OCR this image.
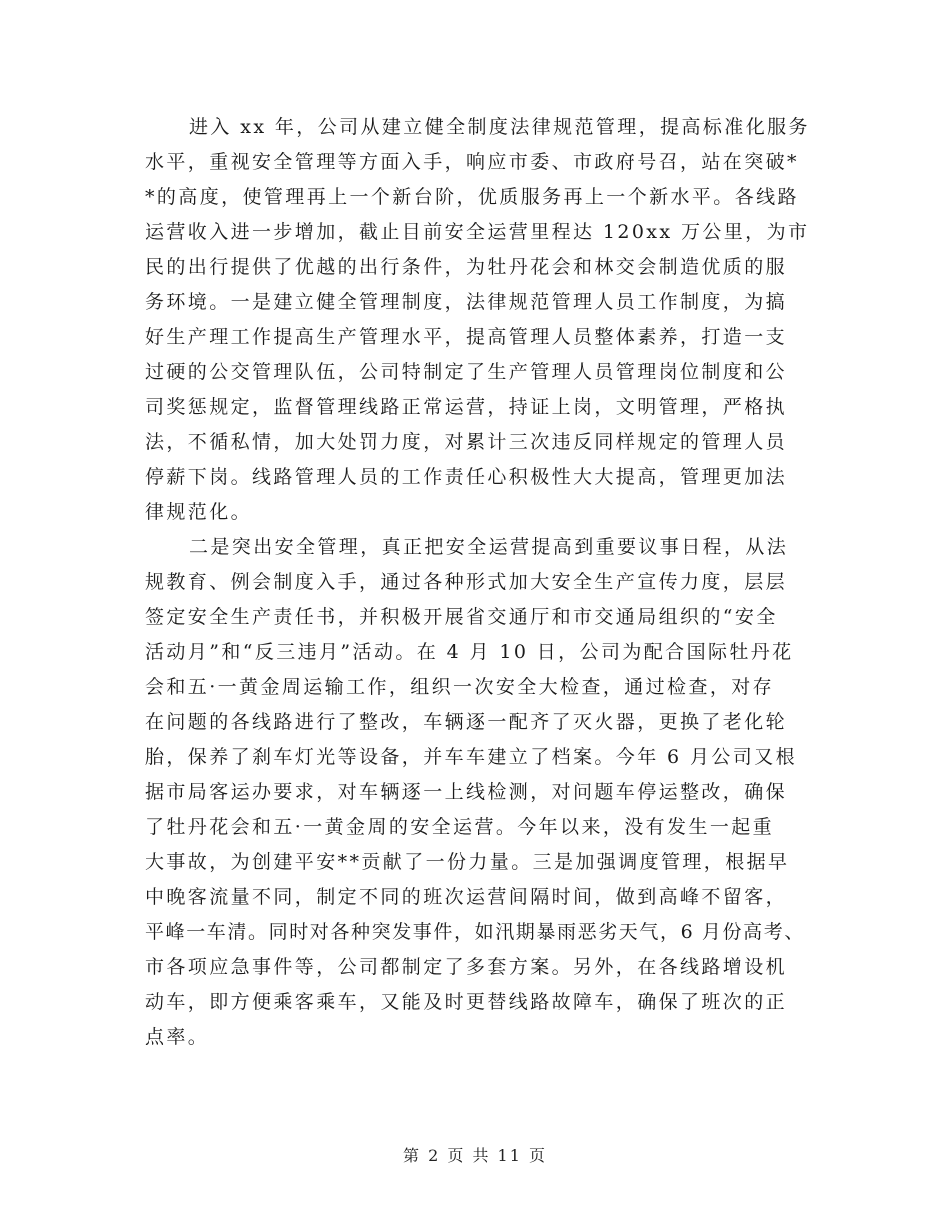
进入 xx 年，公司从建立健全制度法律规范管理，提高标准化服务
水平，重视安全管理等方面入手，响应市委、市政府号召，站在突破*
*的高度，使管理再上一个新台阶，优质服务再上一个新水平。各线路
运营收入进一步增加，截止目前安全运营里程达 120xx 万公里，为市
民的出行提供了优越的出行条件，为牡丹花会和林交会制造优质的服
务环境。一是建立健全管理制度，法律规范管理人员工作制度，为搞
好生产理工作提高生产管理水平，提高管理人员整体素养，打造一支
过硬的公交管理队伍，公司特制定了生产管理人员管理岗位制度和公
司奖惩规定，监督管理线路正常运营，持证上岗，文明管理，严格执
法，不循私情，加大处罚力度，对累计三次违反同样规定的管理人员
停薪下岗。线路管理人员的工作责任心积极性大大提高，管理更加法
律规范化。
二是突出安全管理，真正把安全运营提高到重要议事日程，从法
规教育、例会制度入手，通过各种形式加大安全生产宣传力度，层层
签定安全生产责任书，并积极开展省交通厅和市交通局组织的“安全
活动月”和“反三违月”活动。在 4 月 10 日，公司为配合国际牡丹花
会和五·一黄金周运输工作，组织一次安全大检查，通过检查，对存
在问题的各线路进行了整改，车辆逐一配齐了灭火器，更换了老化轮
胎，保养了刹车灯光等设备，并车车建立了档案。今年 6 月公司又根
据市局客运办要求，对车辆逐一上线检测，对问题车停运整改，确保
了牡丹花会和五·一黄金周的安全运营。今年以来，没有发生一起重
大事故，为创建平安**贡献了一份力量。三是加强调度管理，根据早
中晚客流量不同，制定不同的班次运营间隔时间，做到高峰不留客，
平峰一车清。同时对各种突发事件，如汛期暴雨恶劣天气，6 月份高考、
市各项应急事件等，公司都制定了多套方案。另外，在各线路增设机
动车，即方便乘客乘车，又能及时更替线路故障车，确保了班次的正
点率。
第 2 页 共 11 页
